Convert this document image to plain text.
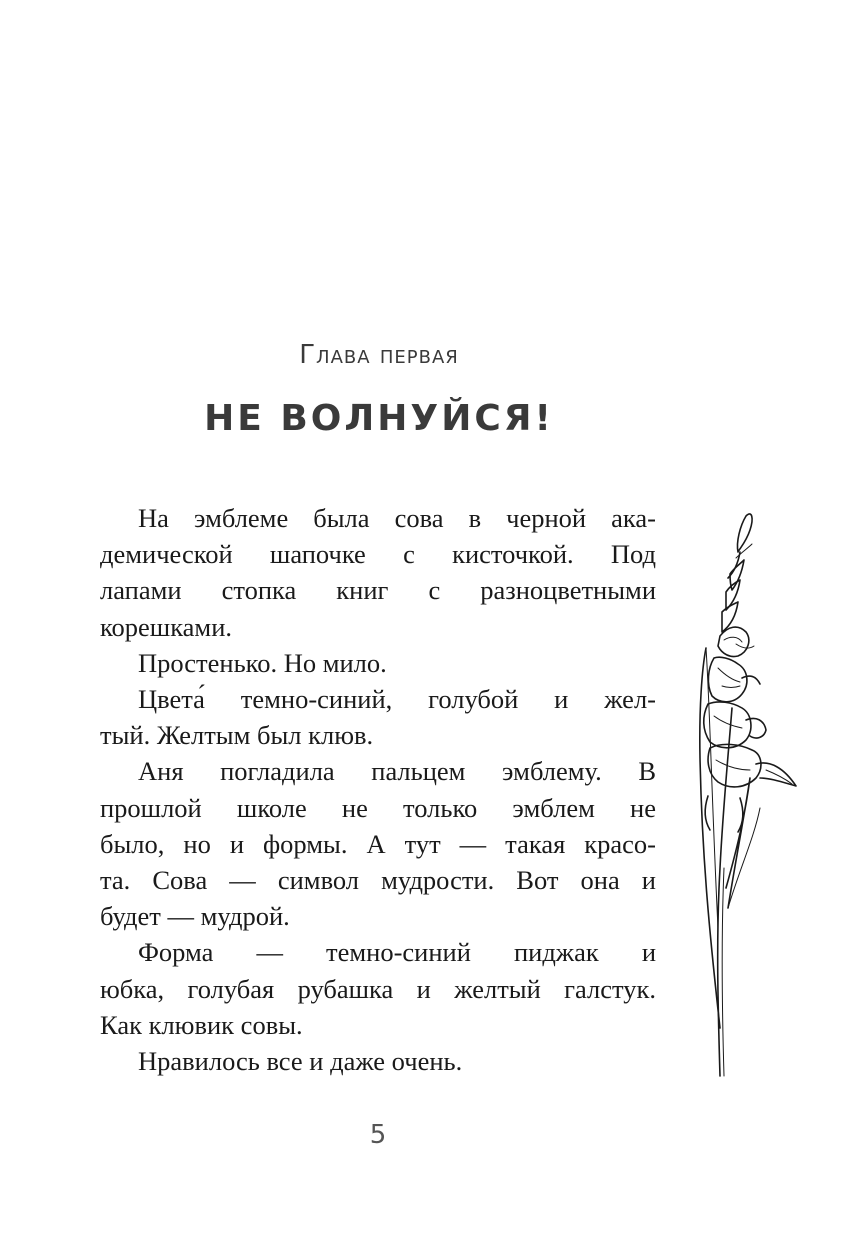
Глава первая
НЕ ВОЛНУЙСЯ!
На эмблеме была сова в черной ака-
демической шапочке с кисточкой. Под
лапами стопка книг с разноцветными
корешками.
Простенько. Но мило.
Цвета́ темно-синий, голубой и жел-
тый. Желтым был клюв.
Аня погладила пальцем эмблему. В
прошлой школе не только эмблем не
было, но и формы. А тут — такая красо-
та. Сова — символ мудрости. Вот она и
будет — мудрой.
Форма — темно-синий пиджак и
юбка, голубая рубашка и желтый галстук.
Как клювик совы.
Нравилось все и даже очень.
5
